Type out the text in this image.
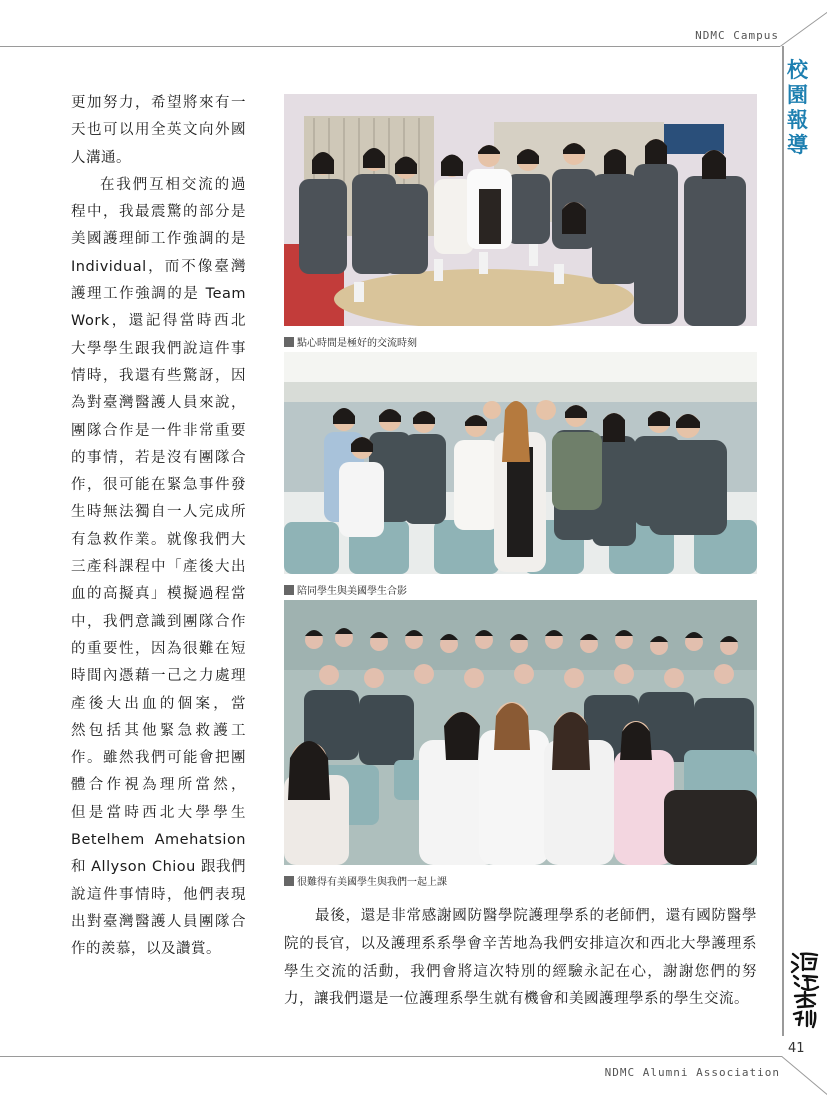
NDMC Campus
校園報導
41
NDMC Alumni Association

更加努力，希望將來有一

天也可以用全英文向外國

人溝通。

在我們互相交流的過

程中，我最震驚的部分是

美國護理師工作強調的是

Individual，而不像臺灣

護理工作強調的是 Team

Work，還記得當時西北

大學學生跟我們說這件事

情時，我還有些驚訝，因

為對臺灣醫護人員來說，

團隊合作是一件非常重要

的事情，若是沒有團隊合

作，很可能在緊急事件發

生時無法獨自一人完成所

有急救作業。就像我們大

三產科課程中「產後大出

血的高擬真」模擬過程當

中，我們意識到團隊合作

的重要性，因為很難在短

時間內憑藉一己之力處理

產後大出血的個案，當

然包括其他緊急救護工

作。雖然我們可能會把團

體合作視為理所當然，

但是當時西北大學學生

Betelhem Amehatsion

和 Allyson Chiou 跟我們

說這件事情時，他們表現

出對臺灣醫護人員團隊合

作的羨慕，以及讚賞。

點心時間是極好的交流時刻
陪同學生與美國學生合影
很難得有美國學生與我們一起上課

最後，還是非常感謝國防醫學院護理學系的老師們，還有國防醫學院的長官，以及護理系系學會辛苦地為我們安排這次和西北大學護理系學生交流的活動，我們會將這次特別的經驗永記在心，謝謝您們的努力，讓我們還是一位護理系學生就有機會和美國護理學系的學生交流。
